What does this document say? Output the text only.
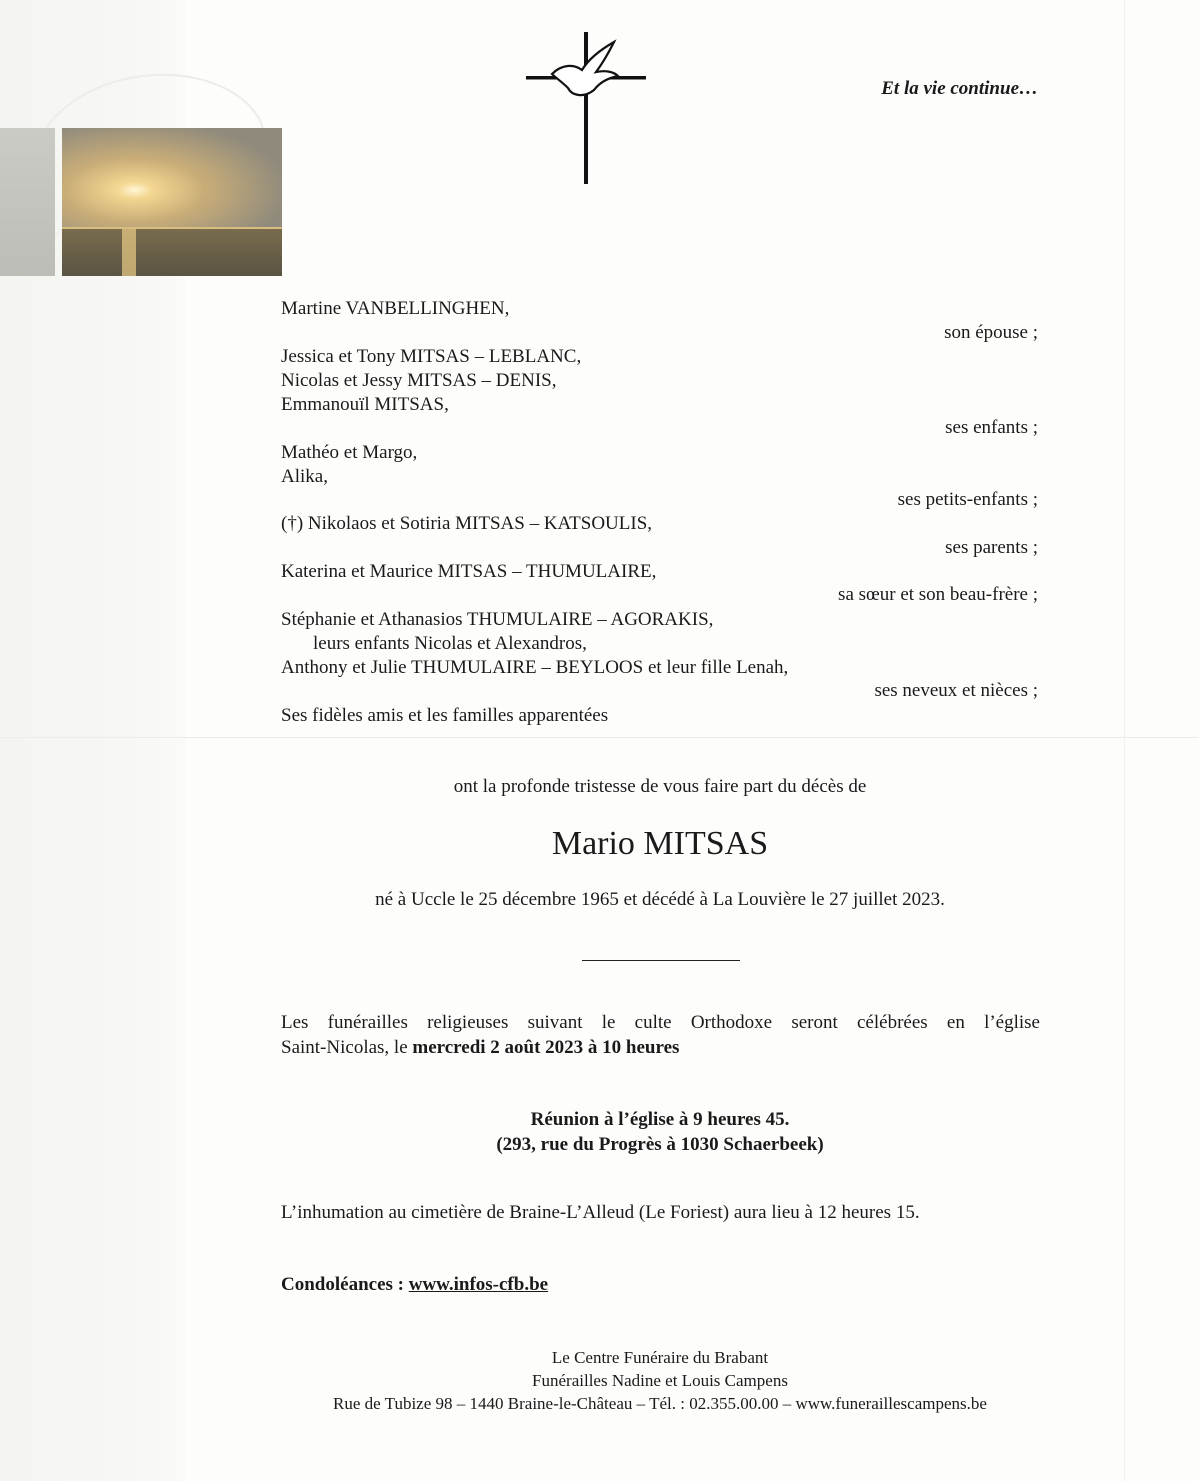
Et la vie continue…
Martine VANBELLINGHEN,
son épouse ;
Jessica et Tony MITSAS – LEBLANC,
Nicolas et Jessy MITSAS – DENIS,
Emmanouïl MITSAS,
ses enfants ;
Mathéo et Margo,
Alika,
ses petits-enfants ;
(†) Nikolaos et Sotiria MITSAS – KATSOULIS,
ses parents ;
Katerina et Maurice MITSAS – THUMULAIRE,
sa sœur et son beau-frère ;
Stéphanie et Athanasios THUMULAIRE – AGORAKIS,
leurs enfants Nicolas et Alexandros,
Anthony et Julie THUMULAIRE – BEYLOOS et leur fille Lenah,
ses neveux et nièces ;
Ses fidèles amis et les familles apparentées
ont la profonde tristesse de vous faire part du décès de
Mario MITSAS
né à Uccle le 25 décembre 1965 et décédé à La Louvière le 27 juillet 2023.
Les funérailles religieuses suivant le culte Orthodoxe seront célébrées en l’église
Saint-Nicolas, le mercredi 2 août 2023 à 10 heures
Réunion à l’église à 9 heures 45.
(293, rue du Progrès à 1030 Schaerbeek)
L’inhumation au cimetière de Braine-L’Alleud (Le Foriest) aura lieu à 12 heures 15.
Condoléances : www.infos-cfb.be
Le Centre Funéraire du Brabant
Funérailles Nadine et Louis Campens
Rue de Tubize 98 – 1440 Braine-le-Château – Tél. : 02.355.00.00 – www.funeraillescampens.be
